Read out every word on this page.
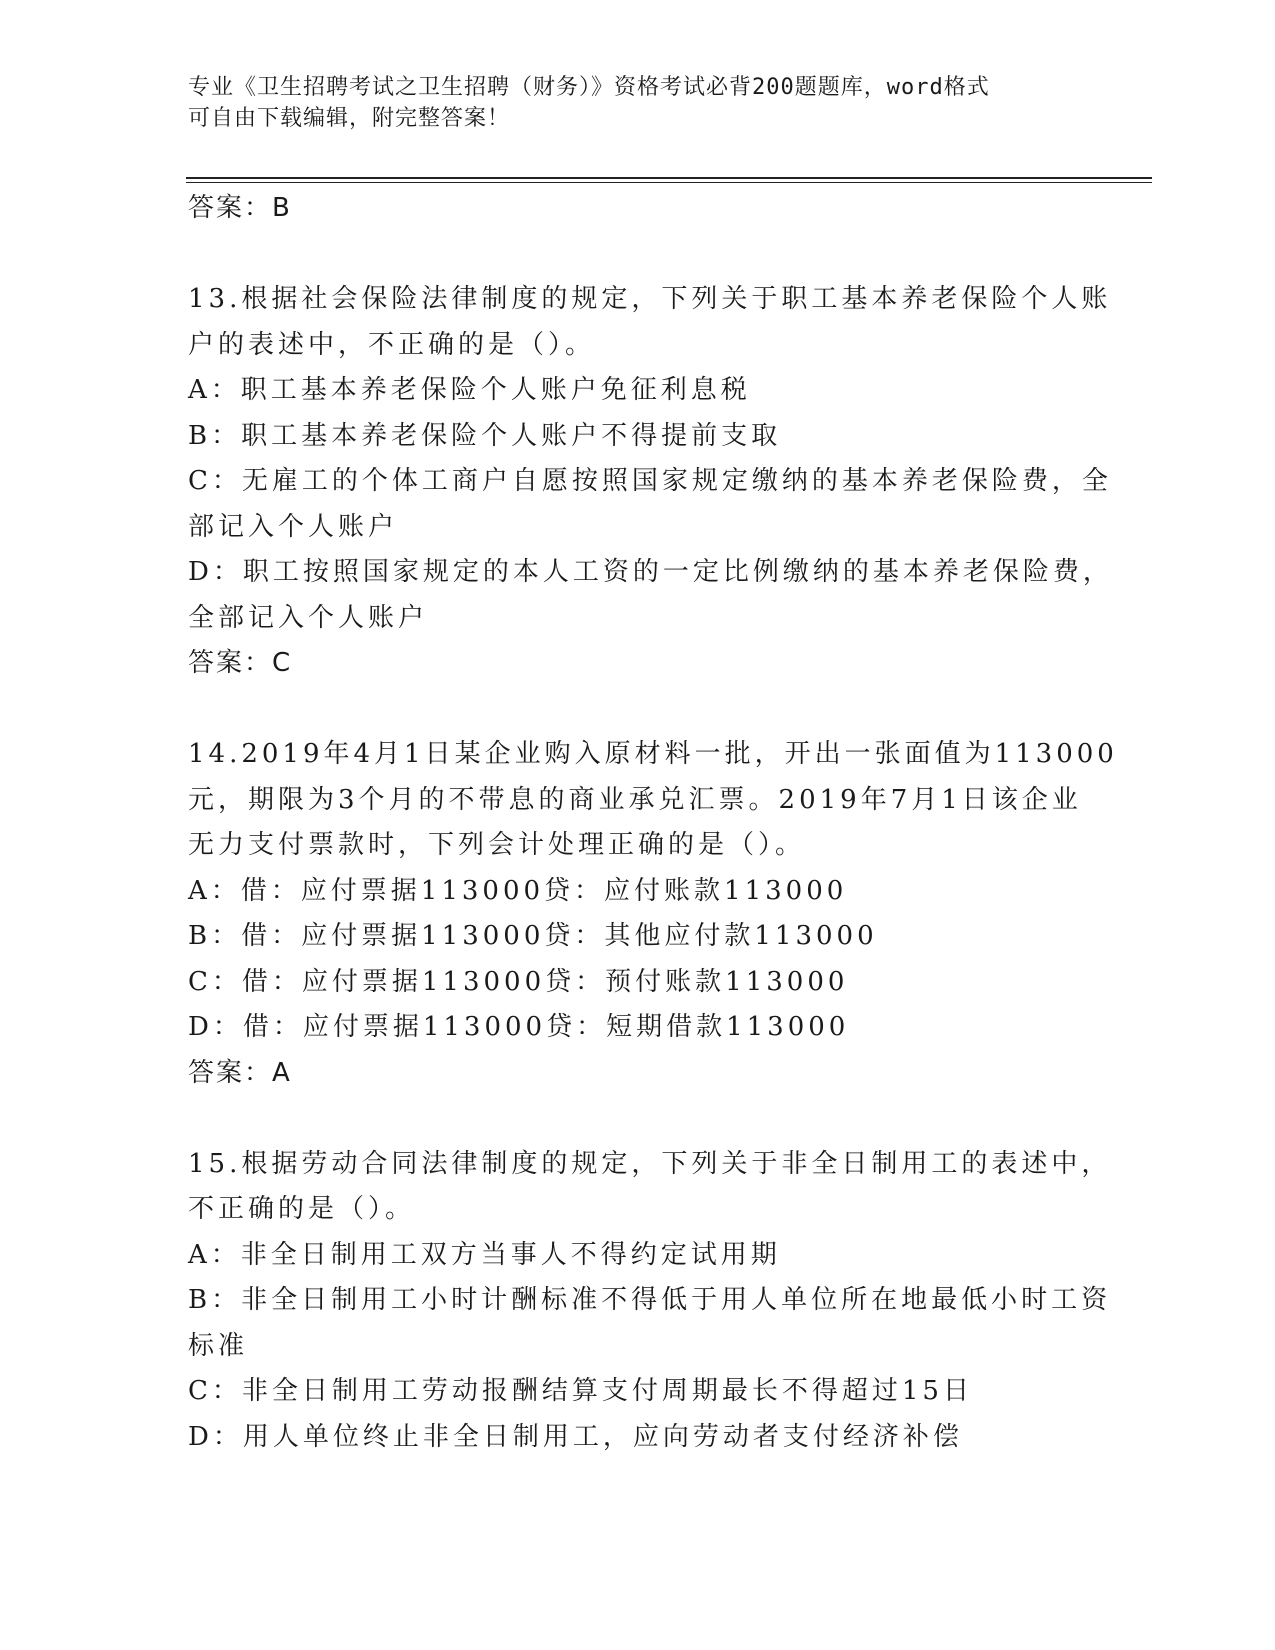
专业《卫生招聘考试之卫生招聘（财务）》资格考试必背200题题库，word格式
可自由下载编辑，附完整答案！
答案：B
13.根据社会保险法律制度的规定，下列关于职工基本养老保险个人账
户的表述中，不正确的是（）。
A：职工基本养老保险个人账户免征利息税
B：职工基本养老保险个人账户不得提前支取
C：无雇工的个体工商户自愿按照国家规定缴纳的基本养老保险费，全
部记入个人账户
D：职工按照国家规定的本人工资的一定比例缴纳的基本养老保险费，
全部记入个人账户
答案：C
14.2019年4月1日某企业购入原材料一批，开出一张面值为113000
元，期限为3个月的不带息的商业承兑汇票。2019年7月1日该企业
无力支付票款时，下列会计处理正确的是（）。
A：借：应付票据113000贷：应付账款113000
B：借：应付票据113000贷：其他应付款113000
C：借：应付票据113000贷：预付账款113000
D：借：应付票据113000贷：短期借款113000
答案：A
15.根据劳动合同法律制度的规定，下列关于非全日制用工的表述中，
不正确的是（）。
A：非全日制用工双方当事人不得约定试用期
B：非全日制用工小时计酬标准不得低于用人单位所在地最低小时工资
标准
C：非全日制用工劳动报酬结算支付周期最长不得超过15日
D：用人单位终止非全日制用工，应向劳动者支付经济补偿
